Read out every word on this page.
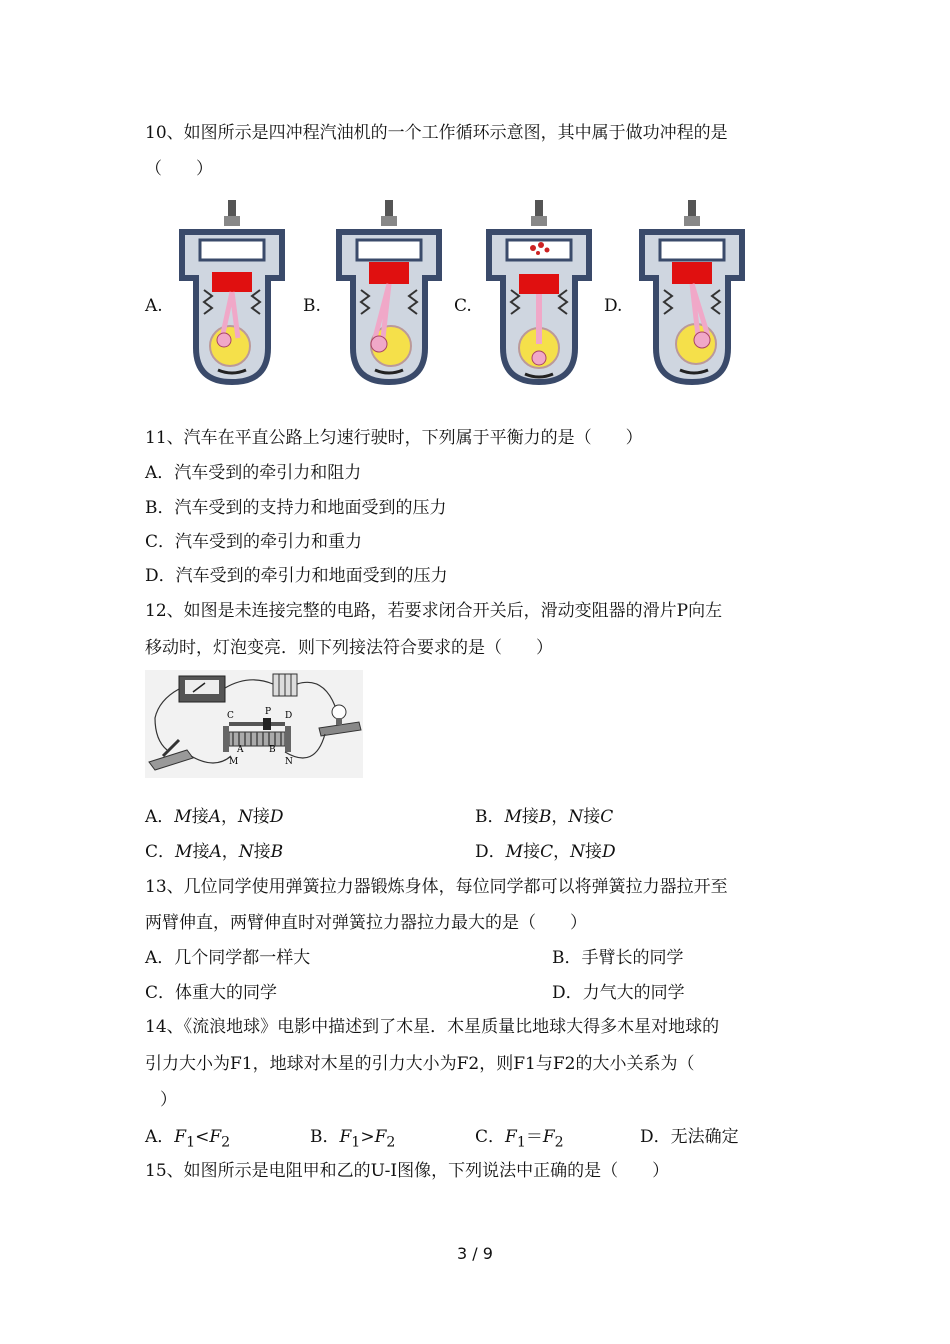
10、如图所示是四冲程汽油机的一个工作循环示意图，其中属于做功冲程的是
（　　）
A.	B.	C.	D.
11、汽车在平直公路上匀速行驶时，下列属于平衡力的是（　　）
A．汽车受到的牵引力和阻力
B．汽车受到的支持力和地面受到的压力
C．汽车受到的牵引力和重力
D．汽车受到的牵引力和地面受到的压力
12、如图是未连接完整的电路，若要求闭合开关后，滑动变阻器的滑片P向左
移动时，灯泡变亮．则下列接法符合要求的是（　　）
C	P D
A	B
M	N
A．M接A，N接D	B．M接B，N接C
C．M接A，N接B	D．M接C，N接D
13、几位同学使用弹簧拉力器锻炼身体，每位同学都可以将弹簧拉力器拉开至
两臂伸直，两臂伸直时对弹簧拉力器拉力最大的是（　　）
A．几个同学都一样大	B．手臂长的同学
C．体重大的同学	D．力气大的同学
14、《流浪地球》电影中描述到了木星．木星质量比地球大得多木星对地球的
引力大小为F1，地球对木星的引力大小为F2，则F1与F2的大小关系为（
）
A．$F_1<F_2$	B．$F_1>F_2$	C．$F_1=F_2$	D．无法确定
15、如图所示是电阻甲和乙的U-I图像，下列说法中正确的是（　　）
3 / 9
